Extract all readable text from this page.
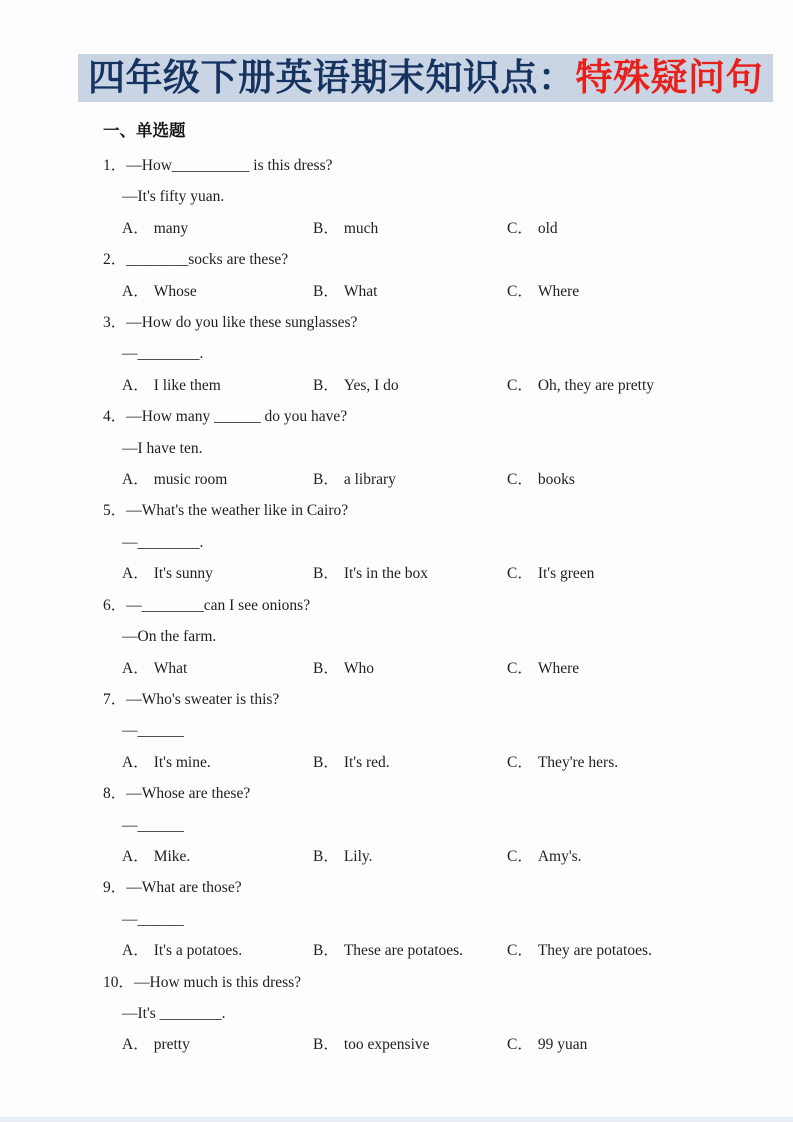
四年级下册英语期末知识点：特殊疑问句
一、单选题
1．—How__________ is this dress?
—It's fifty yuan.
A． many	B． much	C． old
2．________socks are these?
A． Whose	B． What	C． Where
3．—How do you like these sunglasses?
—________.
A． I like them	B． Yes, I do	C． Oh, they are pretty
4．—How many ______ do you have?
—I have ten.
A． music room	B． a library	C． books
5．—What's the weather like in Cairo?
—________.
A． It's sunny	B． It's in the box	C． It's green
6．—________can I see onions?
—On the farm.
A． What	B． Who	C． Where
7．—Who's sweater is this?
—______
A． It's mine.	B． It's red.	C． They're hers.
8．—Whose are these?
—______
A． Mike.	B． Lily.	C． Amy's.
9．—What are those?
—______
A． It's a potatoes.	B． These are potatoes.	C． They are potatoes.
10．—How much is this dress?
—It's ________.
A． pretty	B． too expensive	C． 99 yuan
